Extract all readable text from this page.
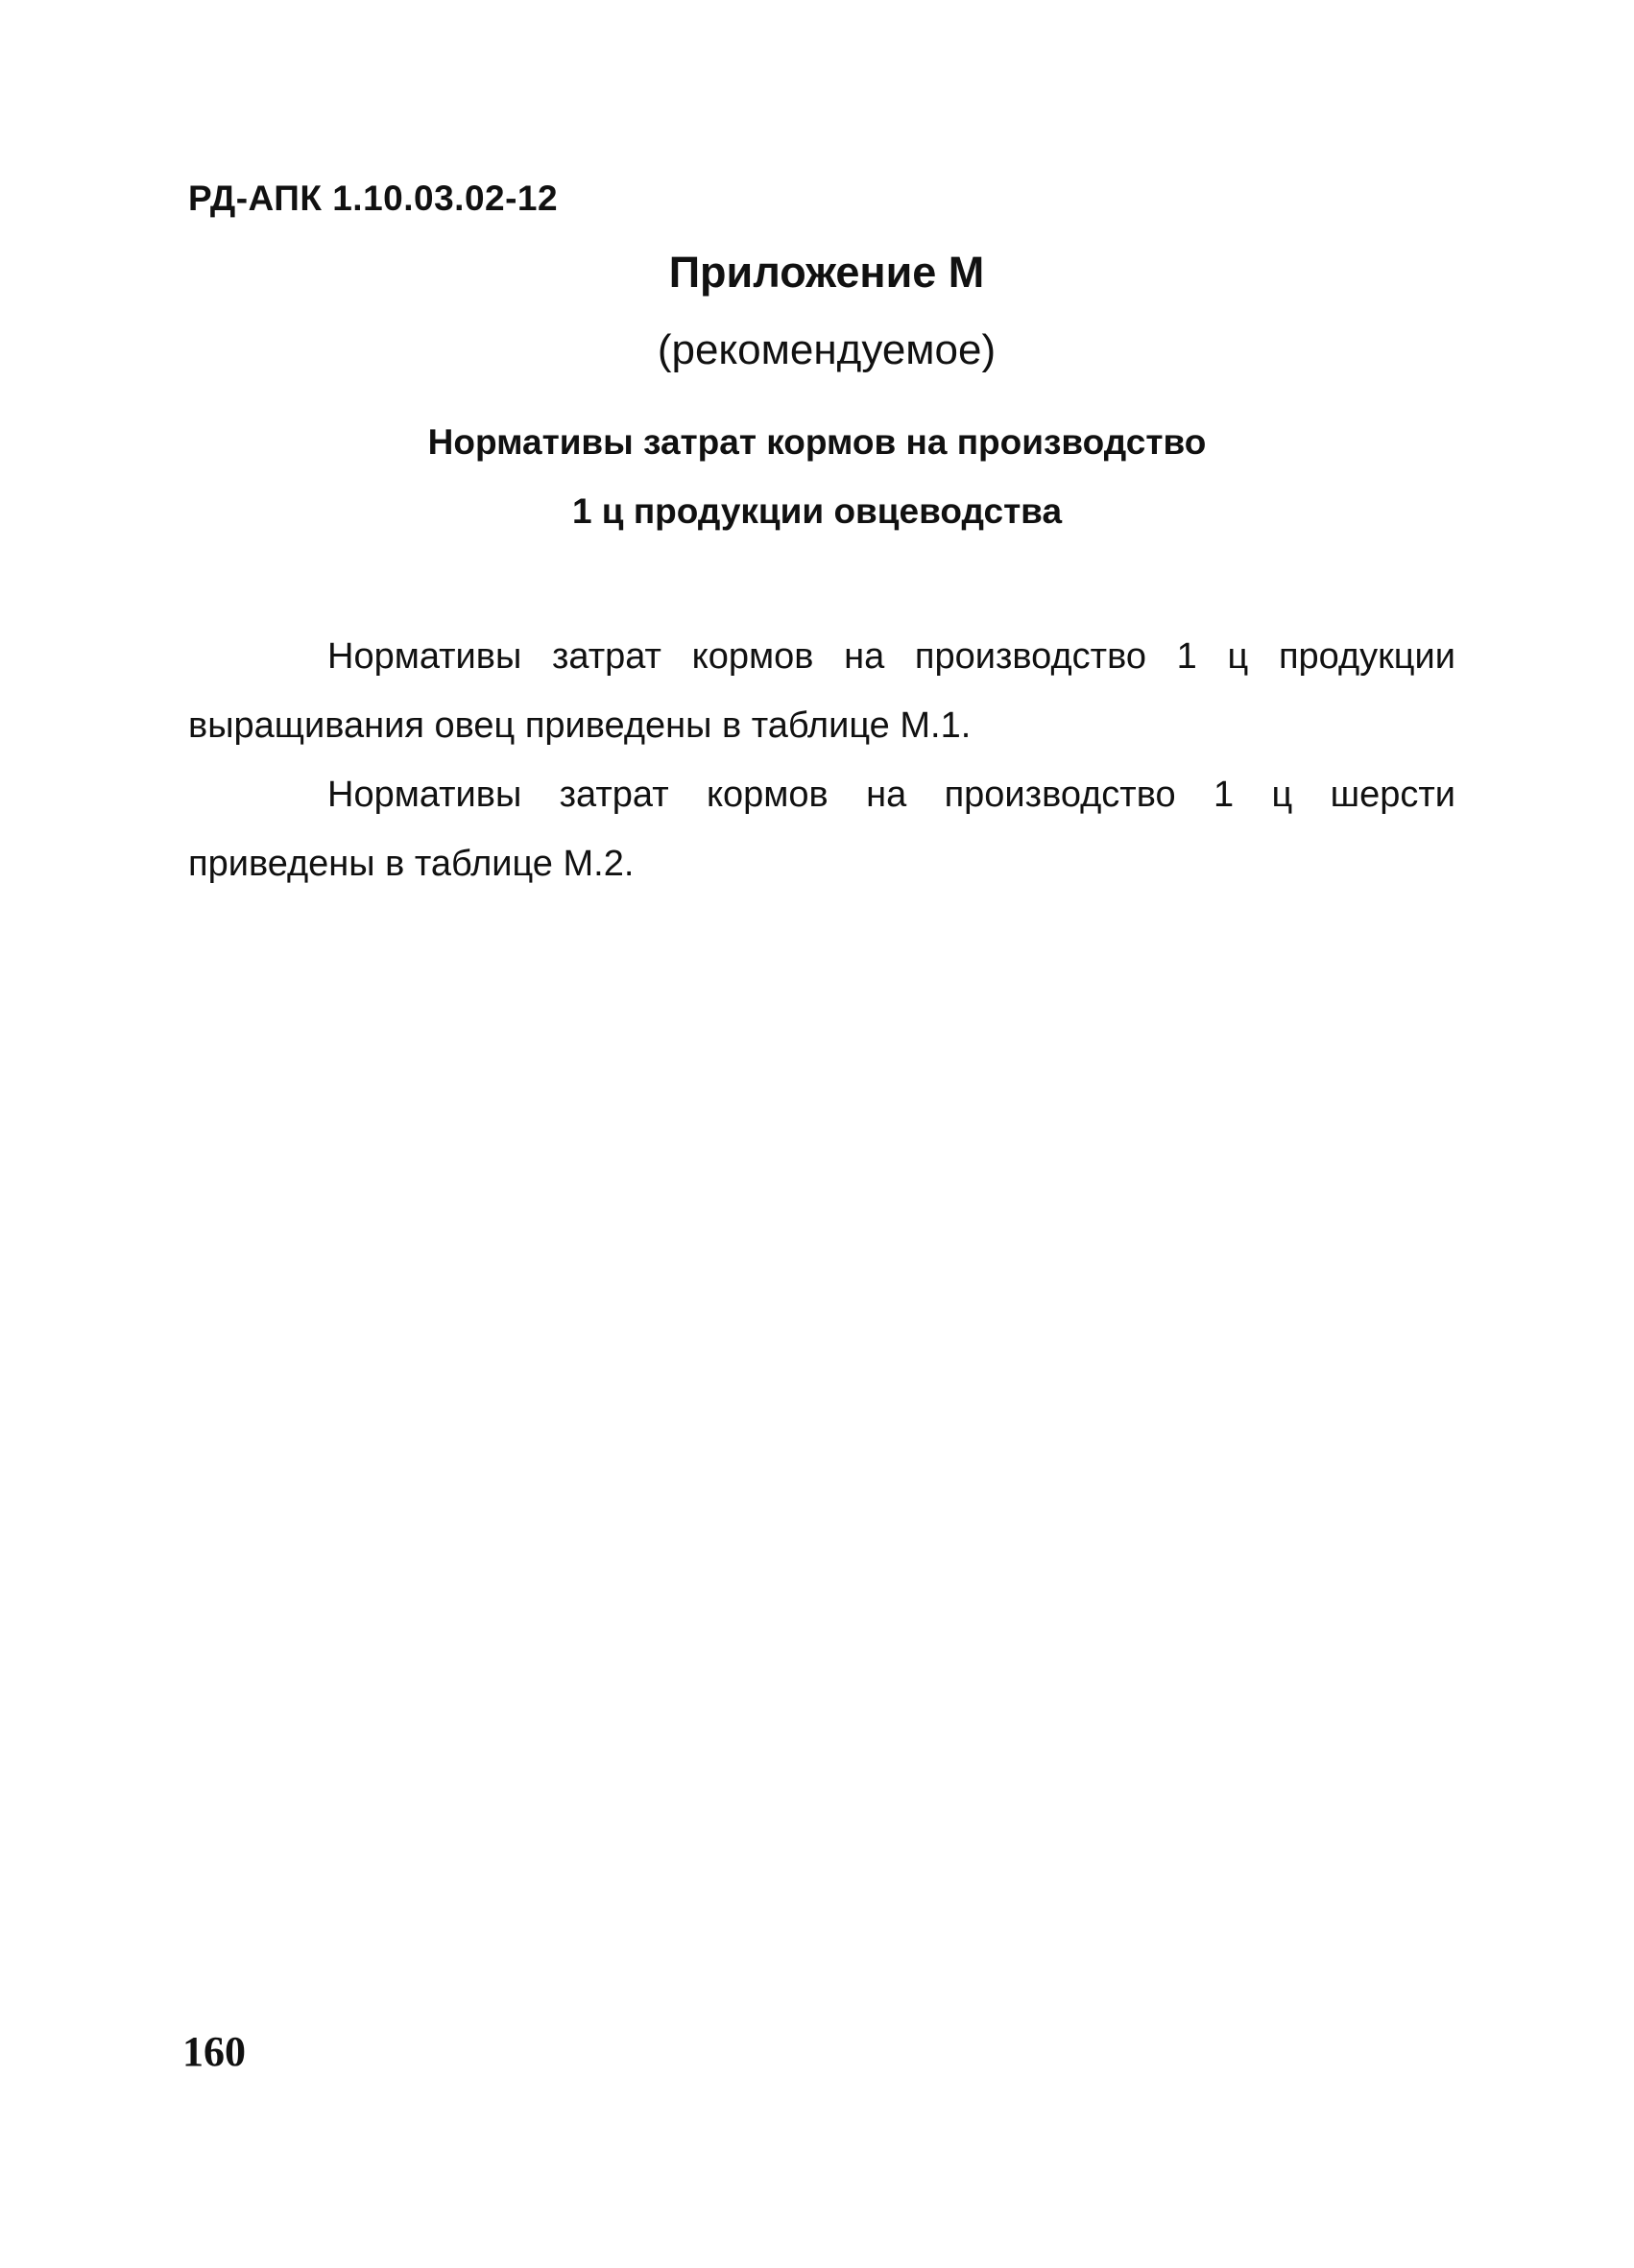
РД-АПК 1.10.03.02-12
Приложение М
(рекомендуемое)
Нормативы затрат кормов на производство
1 ц продукции овцеводства

Нормативы затрат кормов на производство 1 ц продукции выращивания овец приведены в таблице М.1.

Нормативы затрат кормов на производство 1 ц шерсти приведены в таблице М.2.

160
